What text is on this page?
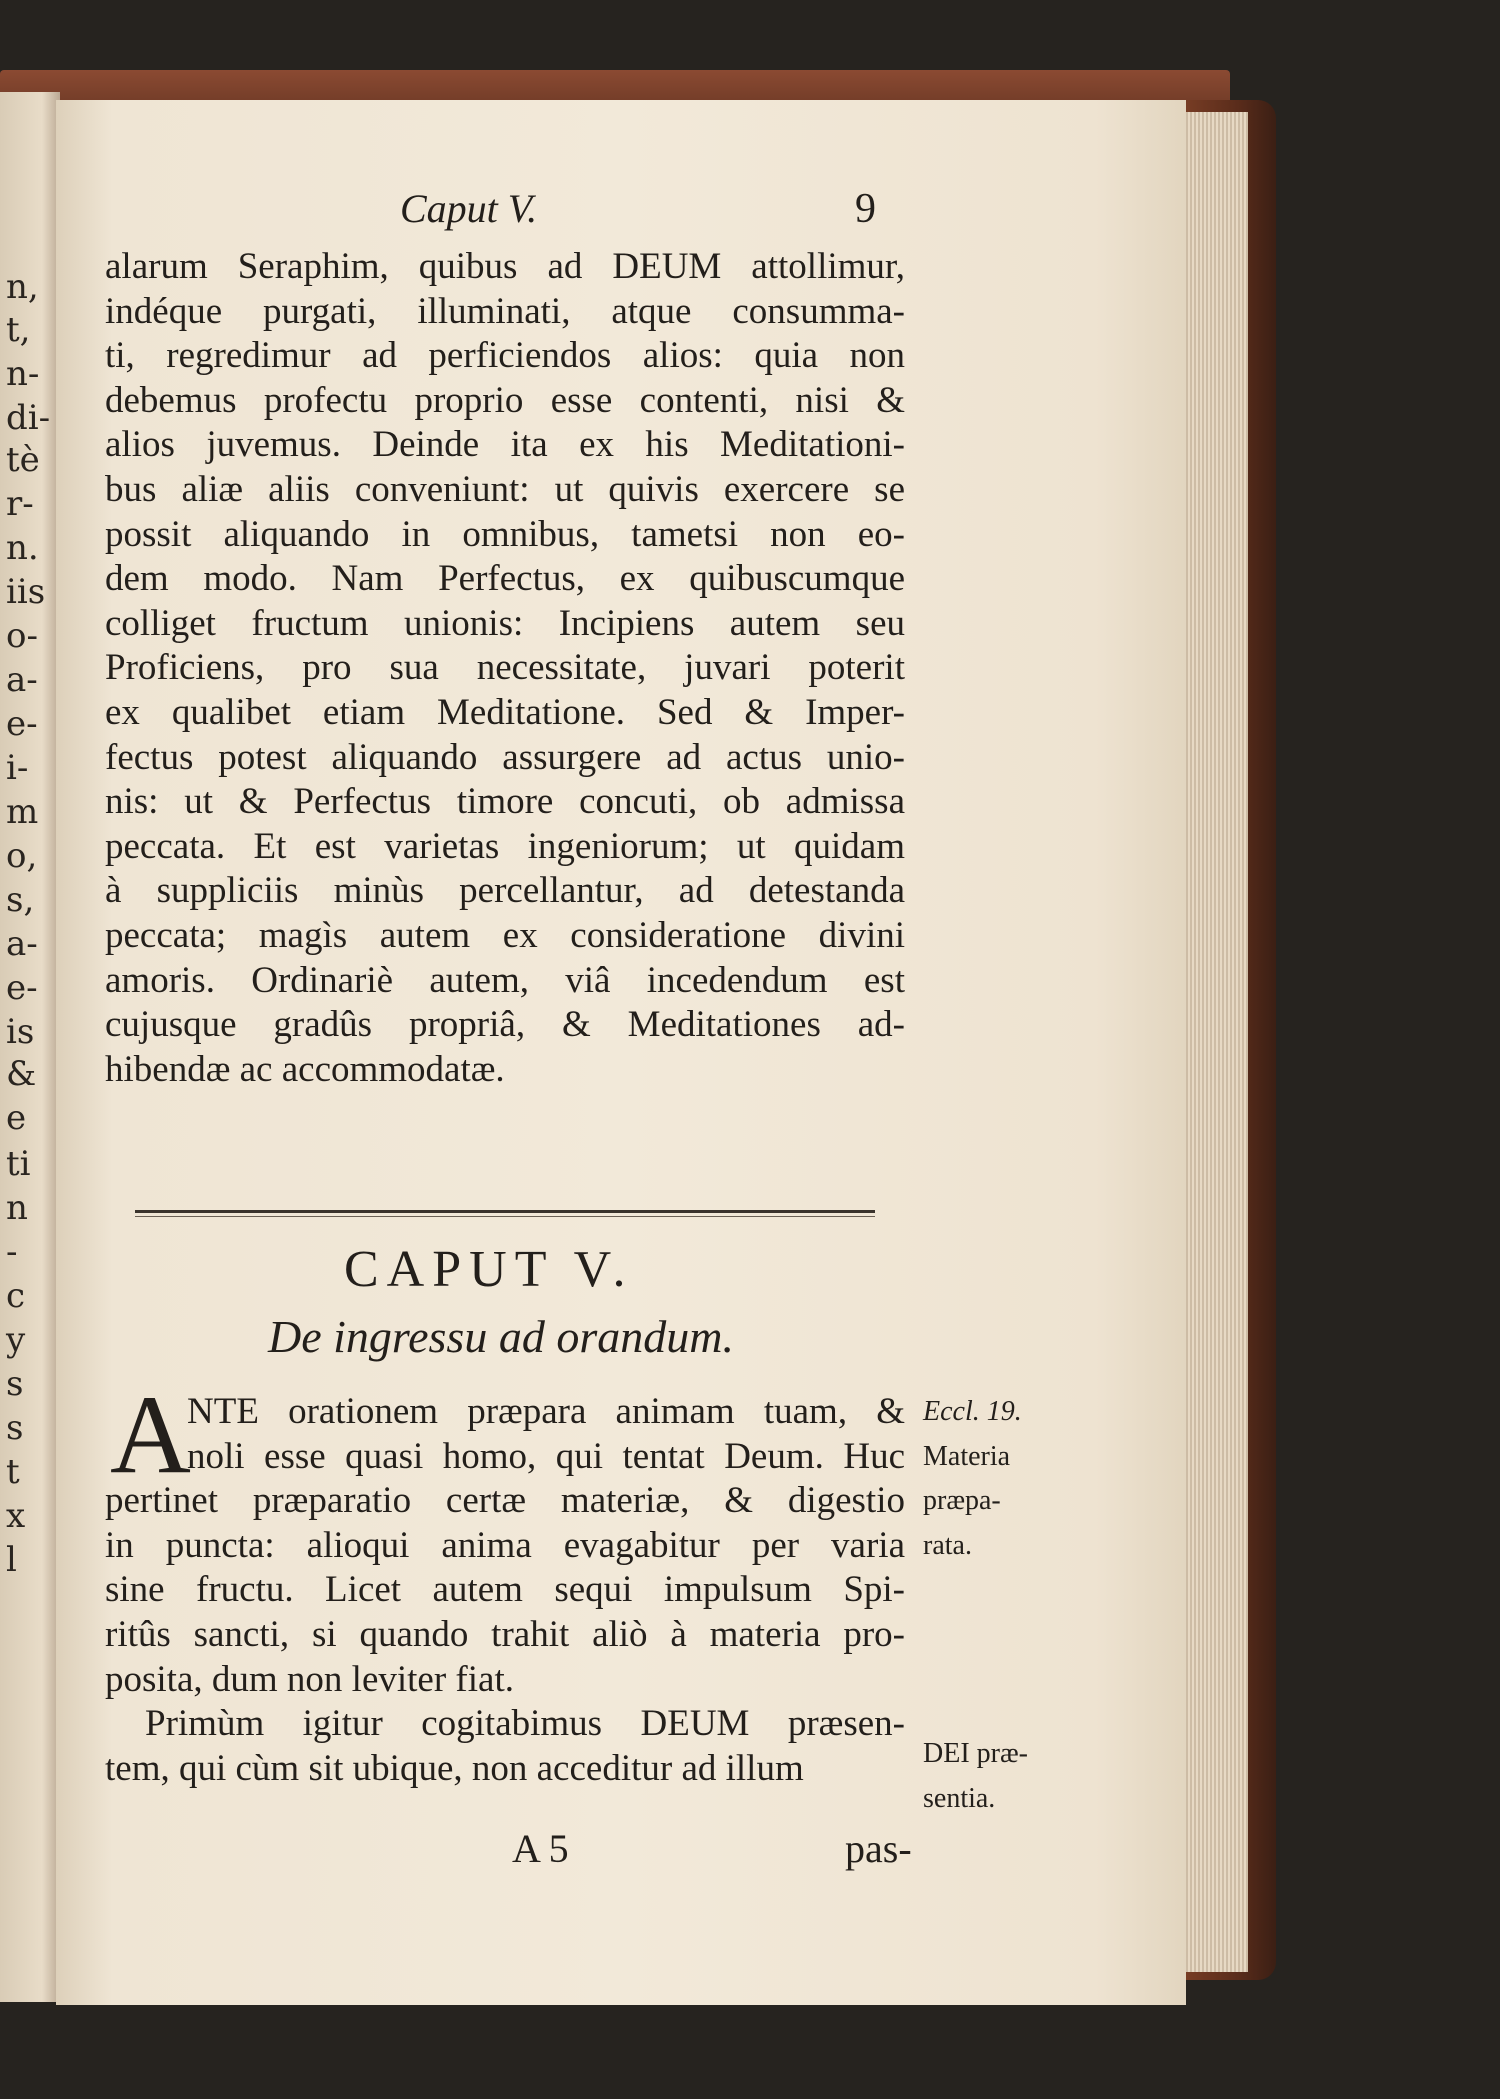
n,
t,
n-
di-
tè
r-
n.
iis
o-
a-
e-
i-
m
o,
s,
a-
e-
is
&
e
ti
n
-
c
y
s
s
t
x
l
Caput V.	9
alarum Seraphim, quibus ad DEUM attollimur,
indéque purgati, illuminati, atque consumma-
ti, regredimur ad perficiendos alios: quia non
debemus profectu proprio esse contenti, nisi &
alios juvemus. Deinde ita ex his Meditationi-
bus aliæ aliis conveniunt: ut quivis exercere se
possit aliquando in omnibus, tametsi non eo-
dem modo. Nam Perfectus, ex quibuscumque
colliget fructum unionis: Incipiens autem seu
Proficiens, pro sua necessitate, juvari poterit
ex qualibet etiam Meditatione. Sed & Imper-
fectus potest aliquando assurgere ad actus unio-
nis: ut & Perfectus timore concuti, ob admissa
peccata. Et est varietas ingeniorum; ut quidam
à suppliciis minùs percellantur, ad detestanda
peccata; magìs autem ex consideratione divini
amoris. Ordinariè autem, viâ incedendum est
cujusque gradûs propriâ, & Meditationes ad-
hibendæ ac accommodatæ.
CAPUT V.
De ingressu ad orandum.
A
NTE orationem præpara animam tuam, &
noli esse quasi homo, qui tentat Deum. Huc
pertinet præparatio certæ materiæ, & digestio
in puncta: alioqui anima evagabitur per varia
sine fructu. Licet autem sequi impulsum Spi-
ritûs sancti, si quando trahit aliò à materia pro-
posita, dum non leviter fiat.
Primùm igitur cogitabimus DEUM præsen-
tem, qui cùm sit ubique, non acceditur ad illum
Eccl. 19.
Materia
præpa-
rata.
DEI præ-
sentia.
A 5	pas-
